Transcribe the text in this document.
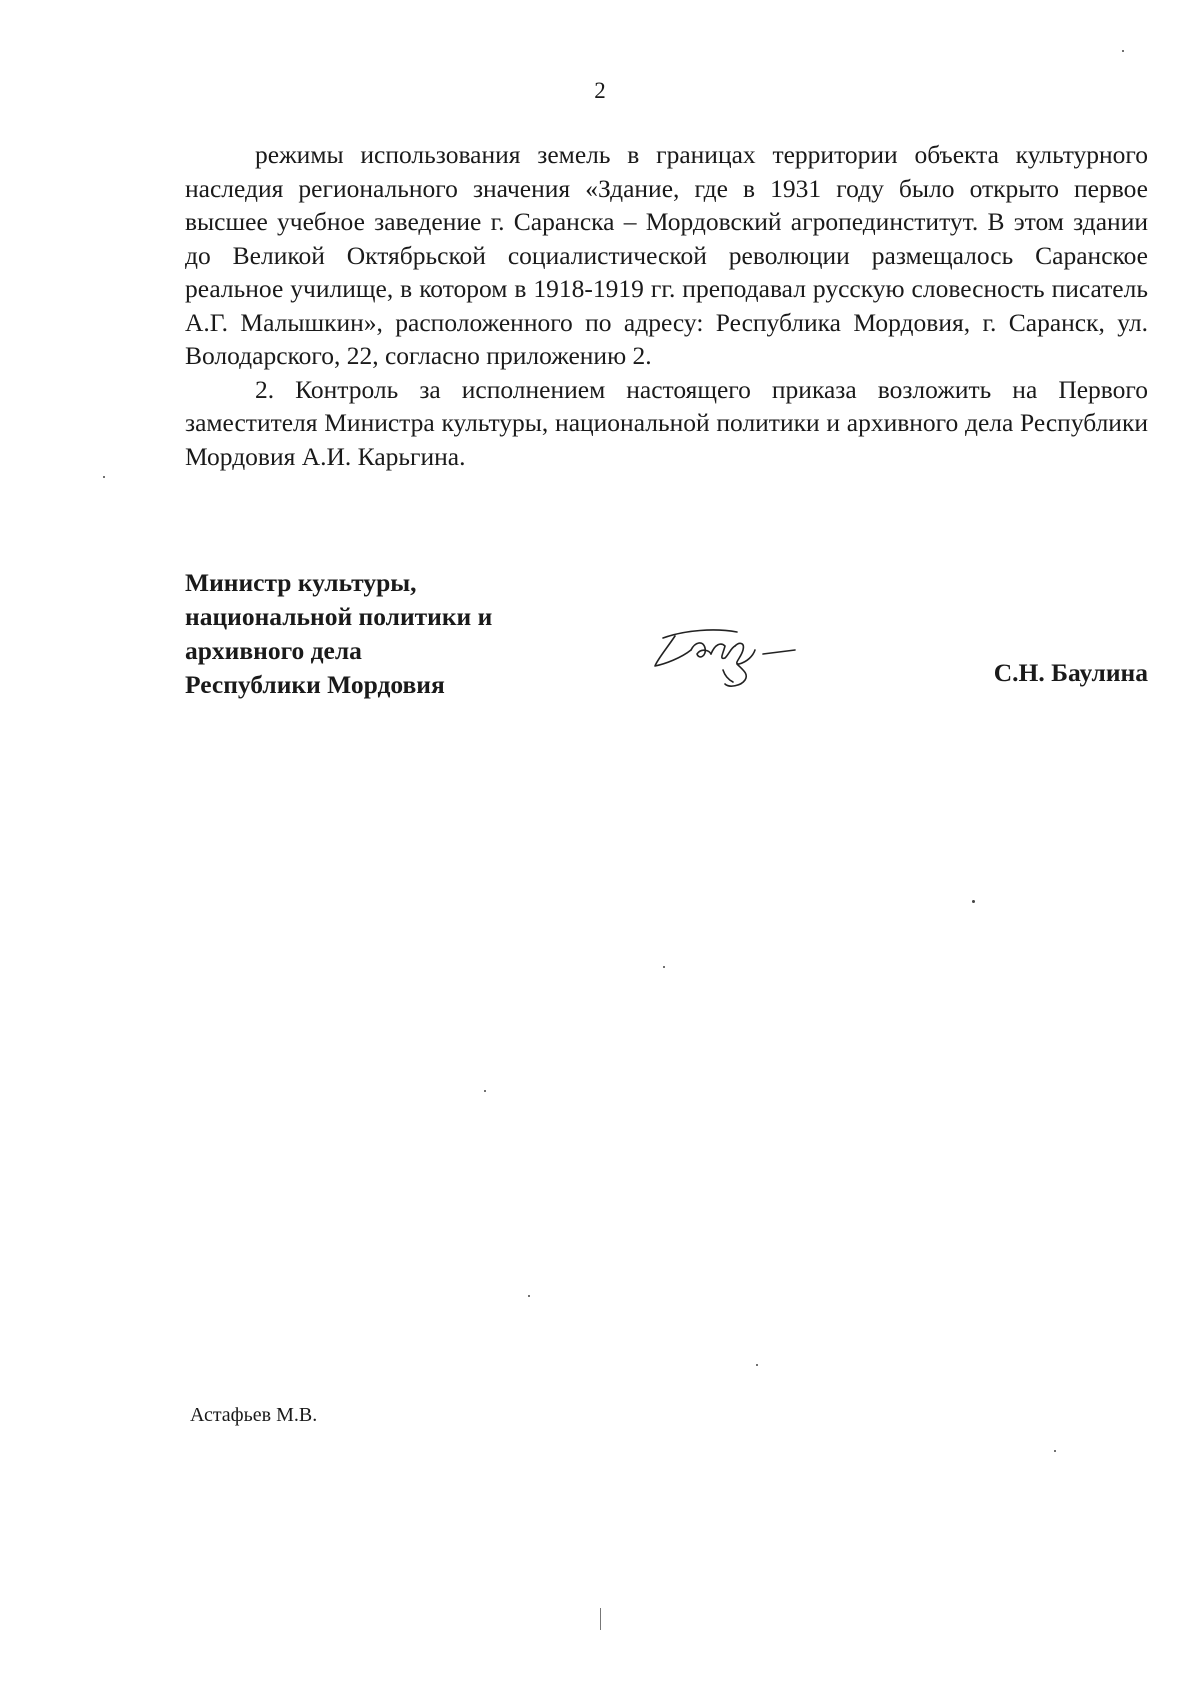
2

режимы использования земель в границах территории объекта культурного наследия регионального значения «Здание, где в 1931 году было открыто первое высшее учебное заведение г. Саранска – Мордовский агропединститут. В этом здании до Великой Октябрьской социалистической революции размещалось Саранское реальное училище, в котором в 1918-1919 гг. преподавал русскую словесность писатель А.Г. Малышкин», расположенного по адресу: Республика Мордовия, г. Саранск, ул. Володарского, 22, согласно приложению 2.

2. Контроль за исполнением настоящего приказа возложить на Первого заместителя Министра культуры, национальной политики и архивного дела Республики Мордовия А.И. Карьгина.

Министр культуры,
национальной политики и
архивного дела
Республики Мордовия	С.Н. Баулина
Астафьев М.В.
